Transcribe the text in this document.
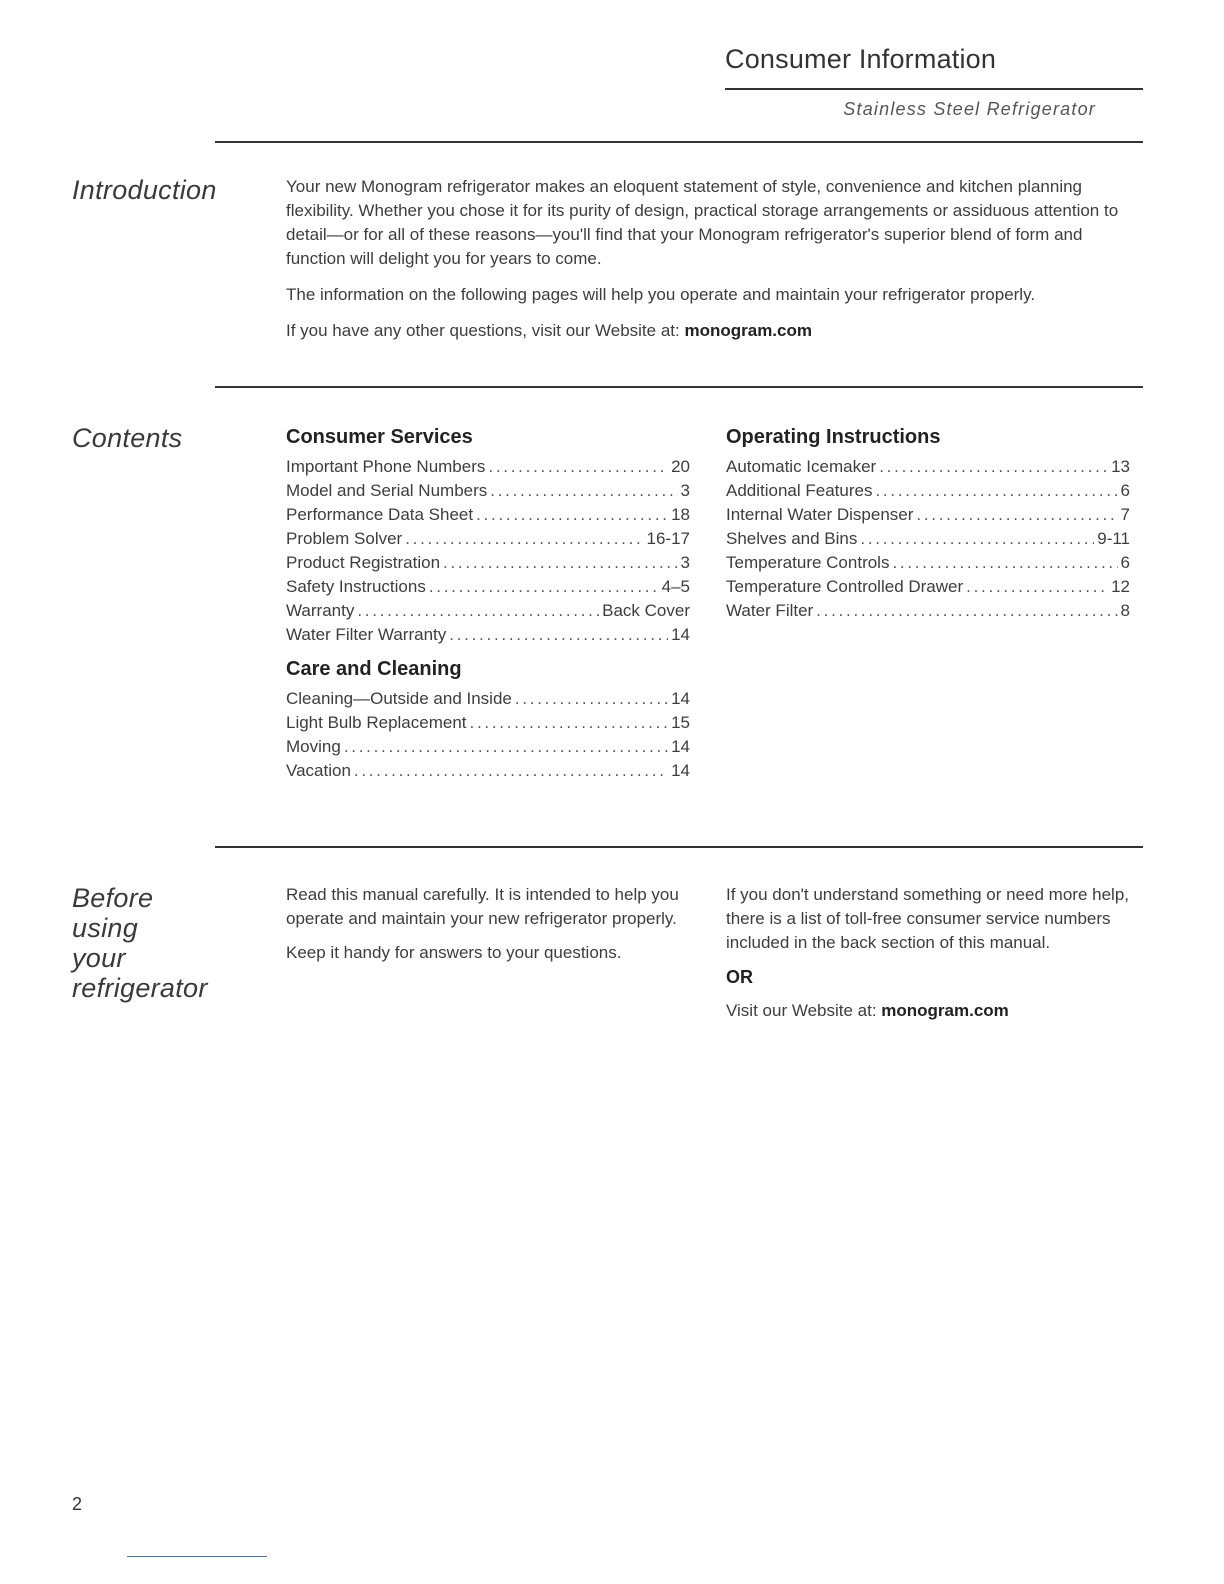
Consumer Information

Stainless Steel Refrigerator

Introduction	Your new Monogram refrigerator makes an eloquent statement of style, convenience and kitchen planning flexibility. Whether you chose it for its purity of design, practical storage arrangements or assiduous attention to detail—or for all of these reasons—you'll find that your Monogram refrigerator's superior blend of form and function will delight you for years to come.

The information on the following pages will help you operate and maintain your refrigerator properly.

If you have any other questions, visit our Website at: monogram.com

Contents	Consumer Services
Important Phone Numbers . . .	20
Model and Serial Numbers . . .	3
Performance Data Sheet . . .	18
Problem Solver . . .	16-17
Product Registration . . .	3
Safety Instructions . . .	4–5
Warranty . . .	Back Cover
Water Filter Warranty . . .	14
Care and Cleaning
Cleaning—Outside and Inside . . .	14
Light Bulb Replacement . . .	15
Moving . . .	14
Vacation . . .	14
Operating Instructions
Automatic Icemaker . . .	13
Additional Features . . .	6
Internal Water Dispenser . . .	7
Shelves and Bins . . .	9-11
Temperature Controls . . .	6
Temperature Controlled Drawer . . .	12
Water Filter . . .	8
Before
using
your
refrigerator

Read this manual carefully. It is intended to help you operate and maintain your new refrigerator properly.

Keep it handy for answers to your questions.

If you don't understand something or need more help, there is a list of toll-free consumer service numbers included in the back section of this manual.

OR

Visit our Website at: monogram.com

2
